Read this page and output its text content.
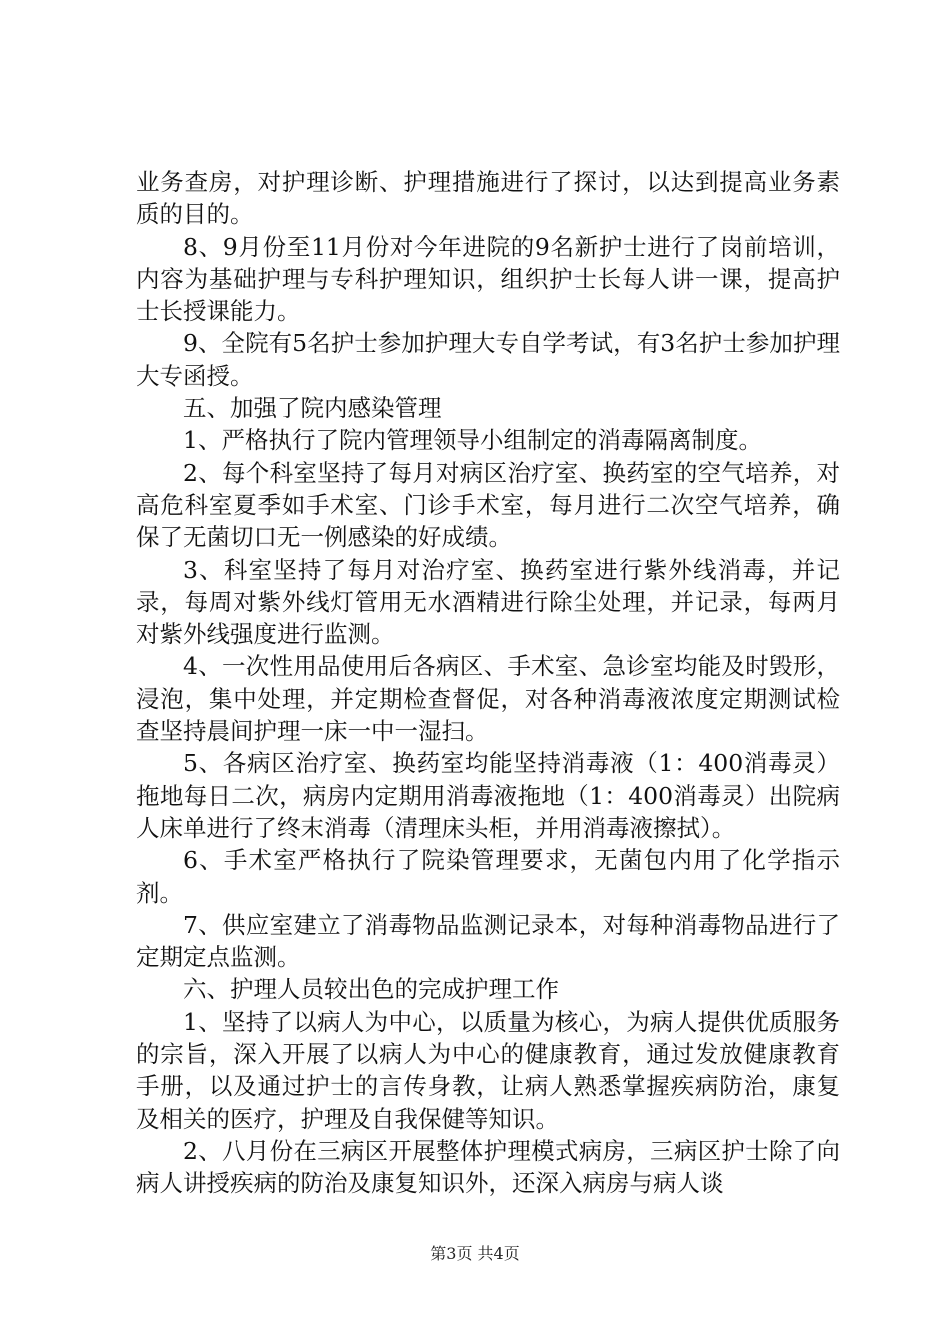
业务查房，对护理诊断、护理措施进行了探讨，以达到提高业务素质的目的。

8、9月份至11月份对今年进院的9名新护士进行了岗前培训，内容为基础护理与专科护理知识，组织护士长每人讲一课，提高护士长授课能力。

9、全院有5名护士参加护理大专自学考试，有3名护士参加护理大专函授。

五、加强了院内感染管理

1、严格执行了院内管理领导小组制定的消毒隔离制度。

2、每个科室坚持了每月对病区治疗室、换药室的空气培养，对高危科室夏季如手术室、门诊手术室，每月进行二次空气培养，确保了无菌切口无一例感染的好成绩。

3、科室坚持了每月对治疗室、换药室进行紫外线消毒，并记录，每周对紫外线灯管用无水酒精进行除尘处理，并记录，每两月对紫外线强度进行监测。

4、一次性用品使用后各病区、手术室、急诊室均能及时毁形，浸泡，集中处理，并定期检查督促，对各种消毒液浓度定期测试检查坚持晨间护理一床一中一湿扫。

5、各病区治疗室、换药室均能坚持消毒液（1：400消毒灵）拖地每日二次，病房内定期用消毒液拖地（1：400消毒灵）出院病人床单进行了终末消毒（清理床头柜，并用消毒液擦拭）。

6、手术室严格执行了院染管理要求，无菌包内用了化学指示剂。

7、供应室建立了消毒物品监测记录本，对每种消毒物品进行了定期定点监测。

六、护理人员较出色的完成护理工作

1、坚持了以病人为中心，以质量为核心，为病人提供优质服务的宗旨，深入开展了以病人为中心的健康教育，通过发放健康教育手册，以及通过护士的言传身教，让病人熟悉掌握疾病防治，康复及相关的医疗，护理及自我保健等知识。

2、八月份在三病区开展整体护理模式病房，三病区护士除了向病人讲授疾病的防治及康复知识外，还深入病房与病人谈

第3页 共4页
